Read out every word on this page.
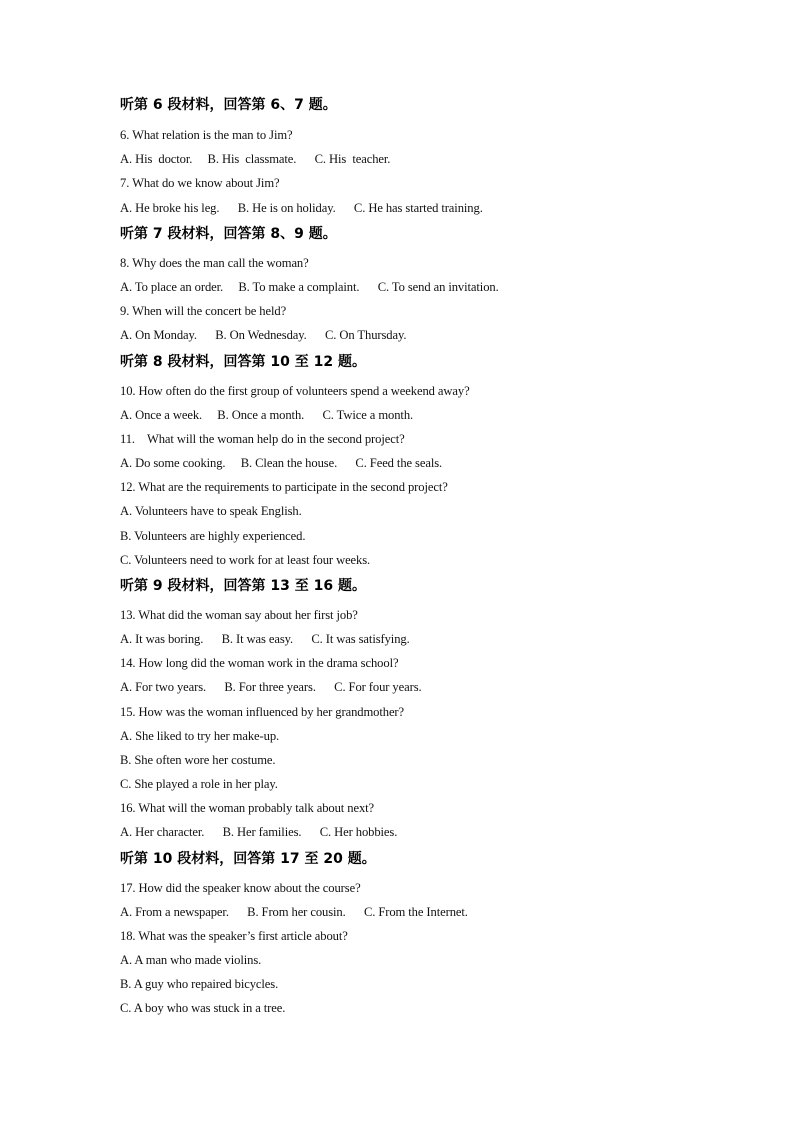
听第 6 段材料，回答第 6、7 题。
6. What relation is the man to Jim?
A. His  doctor.     B. His  classmate.      C. His  teacher.
7. What do we know about Jim?
A. He broke his leg.      B. He is on holiday.      C. He has started training.
听第 7 段材料，回答第 8、9 题。
8. Why does the man call the woman?
A. To place an order.     B. To make a complaint.      C. To send an invitation.
9. When will the concert be held?
A. On Monday.      B. On Wednesday.      C. On Thursday.
听第 8 段材料，回答第 10 至 12 题。
10. How often do the first group of volunteers spend a weekend away?
A. Once a week.     B. Once a month.      C. Twice a month.
11.    What will the woman help do in the second project?
A. Do some cooking.     B. Clean the house.      C. Feed the seals.
12. What are the requirements to participate in the second project?
A. Volunteers have to speak English.
B. Volunteers are highly experienced.
C. Volunteers need to work for at least four weeks.
听第 9 段材料，回答第 13 至 16 题。
13. What did the woman say about her first job?
A. It was boring.      B. It was easy.      C. It was satisfying.
14. How long did the woman work in the drama school?
A. For two years.      B. For three years.      C. For four years.
15. How was the woman influenced by her grandmother?
A. She liked to try her make-up.
B. She often wore her costume.
C. She played a role in her play.
16. What will the woman probably talk about next?
A. Her character.      B. Her families.      C. Her hobbies.
听第 10 段材料，回答第 17 至 20 题。
17. How did the speaker know about the course?
A. From a newspaper.      B. From her cousin.      C. From the Internet.
18. What was the speaker’s first article about?
A. A man who made violins.
B. A guy who repaired bicycles.
C. A boy who was stuck in a tree.
